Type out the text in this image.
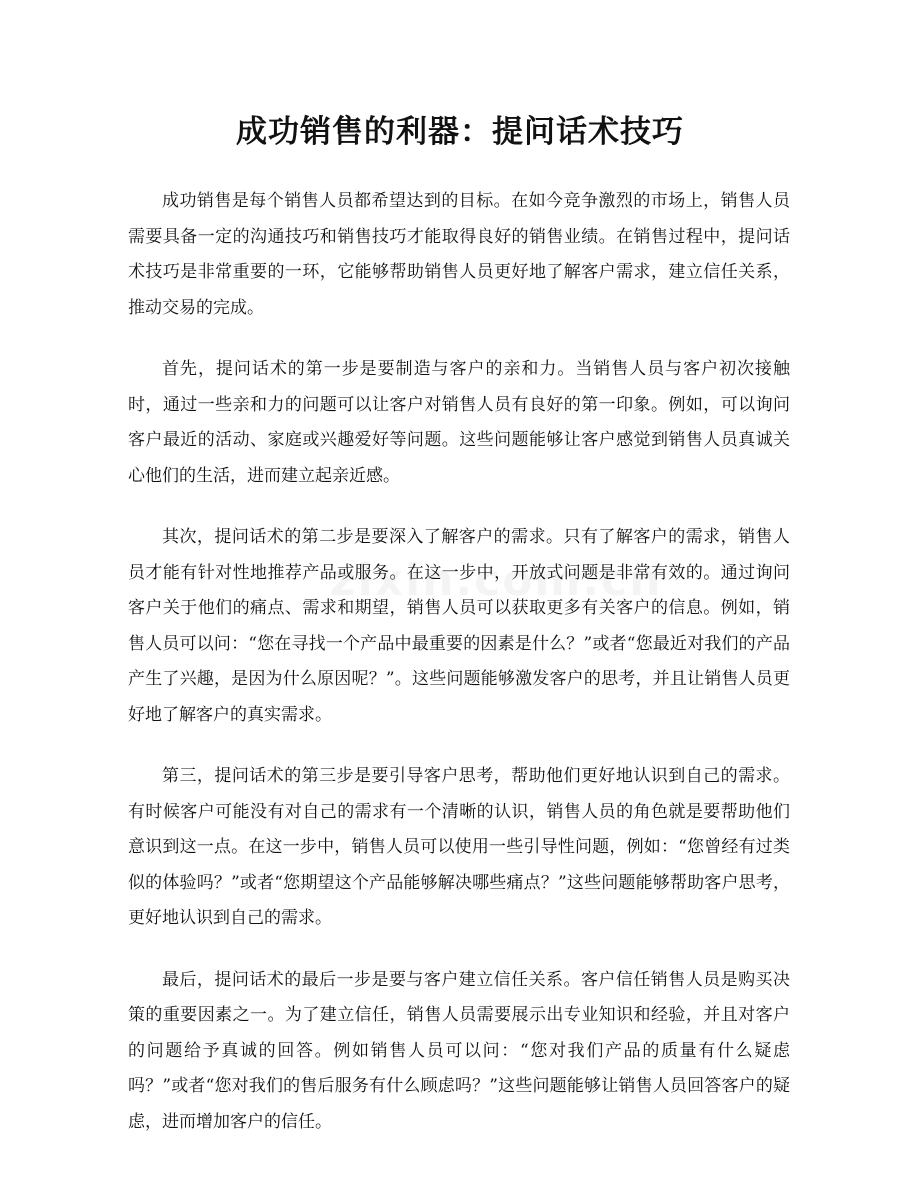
成功销售的利器：提问话术技巧

成功销售是每个销售人员都希望达到的目标。在如今竞争激烈的市场上，销售人员需要具备一定的沟通技巧和销售技巧才能取得良好的销售业绩。在销售过程中，提问话术技巧是非常重要的一环，它能够帮助销售人员更好地了解客户需求，建立信任关系，推动交易的完成。

首先，提问话术的第一步是要制造与客户的亲和力。当销售人员与客户初次接触时，通过一些亲和力的问题可以让客户对销售人员有良好的第一印象。例如，可以询问客户最近的活动、家庭或兴趣爱好等问题。这些问题能够让客户感觉到销售人员真诚关心他们的生活，进而建立起亲近感。

其次，提问话术的第二步是要深入了解客户的需求。只有了解客户的需求，销售人员才能有针对性地推荐产品或服务。在这一步中，开放式问题是非常有效的。通过询问客户关于他们的痛点、需求和期望，销售人员可以获取更多有关客户的信息。例如，销售人员可以问：“您在寻找一个产品中最重要的因素是什么？”或者“您最近对我们的产品产生了兴趣，是因为什么原因呢？”。这些问题能够激发客户的思考，并且让销售人员更好地了解客户的真实需求。

第三，提问话术的第三步是要引导客户思考，帮助他们更好地认识到自己的需求。有时候客户可能没有对自己的需求有一个清晰的认识，销售人员的角色就是要帮助他们意识到这一点。在这一步中，销售人员可以使用一些引导性问题，例如：“您曾经有过类似的体验吗？”或者“您期望这个产品能够解决哪些痛点？”这些问题能够帮助客户思考，更好地认识到自己的需求。

最后，提问话术的最后一步是要与客户建立信任关系。客户信任销售人员是购买决策的重要因素之一。为了建立信任，销售人员需要展示出专业知识和经验，并且对客户的问题给予真诚的回答。例如销售人员可以问：“您对我们产品的质量有什么疑虑吗？”或者“您对我们的售后服务有什么顾虑吗？”这些问题能够让销售人员回答客户的疑虑，进而增加客户的信任。
